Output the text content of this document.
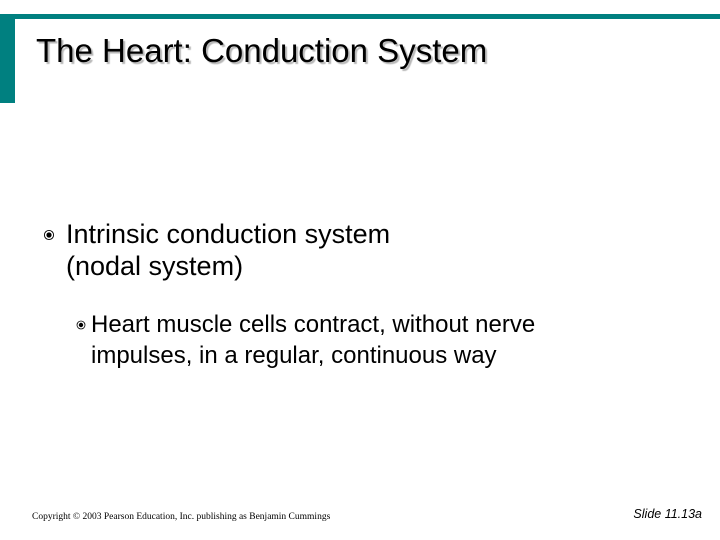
The Heart: Conduction System
Intrinsic conduction system
(nodal system)
Heart muscle cells contract, without nerve
impulses, in a regular, continuous way
Copyright © 2003 Pearson Education, Inc. publishing as Benjamin Cummings	Slide 11.13a
